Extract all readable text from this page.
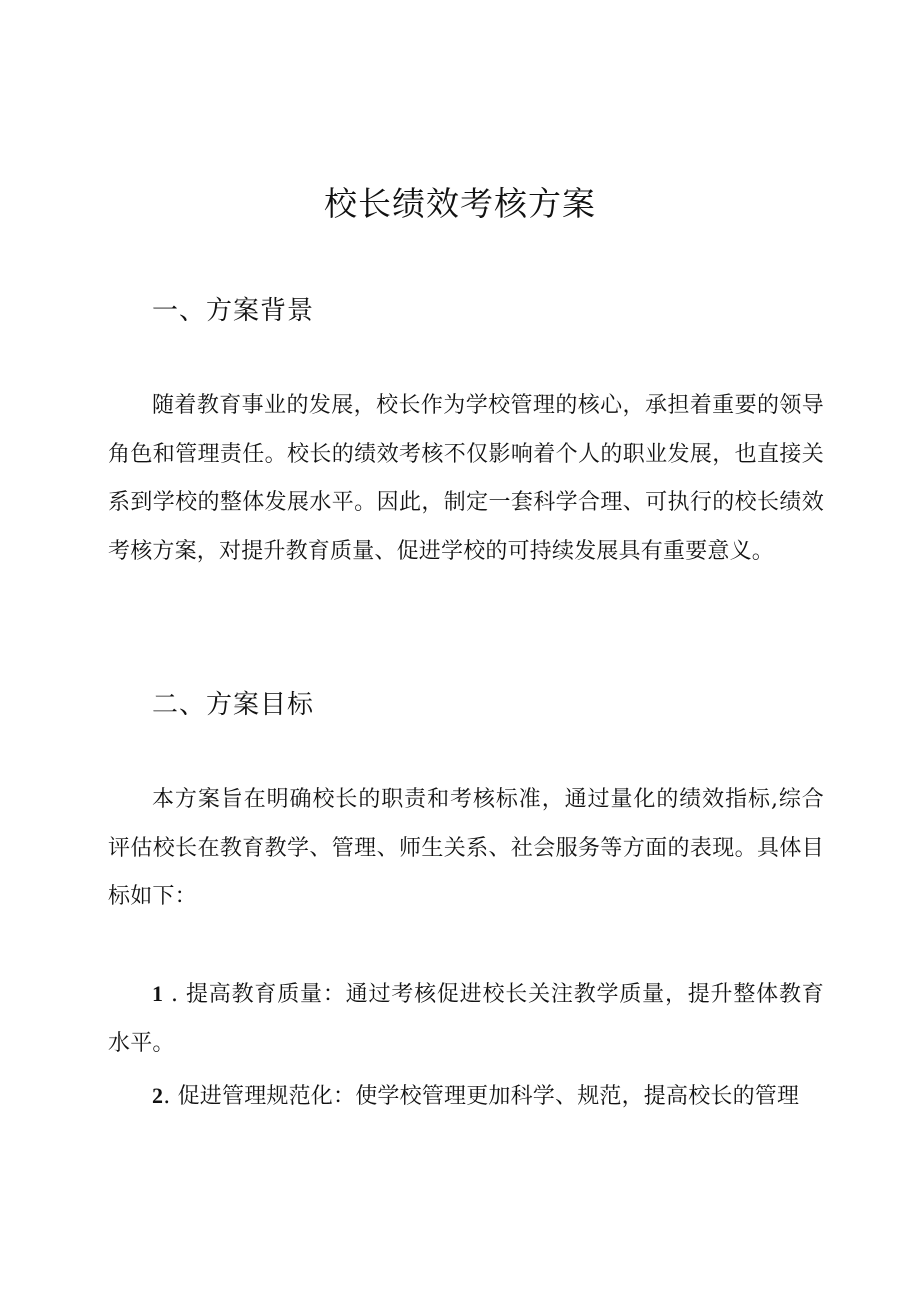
校长绩效考核方案
一、方案背景

随着教育事业的发展，校长作为学校管理的核心，承担着重要的领导角色和管理责任。校长的绩效考核不仅影响着个人的职业发展，也直接关系到学校的整体发展水平。因此，制定一套科学合理、可执行的校长绩效考核方案，对提升教育质量、促进学校的可持续发展具有重要意义。

二、方案目标

本方案旨在明确校长的职责和考核标准，通过量化的绩效指标,综合评估校长在教育教学、管理、师生关系、社会服务等方面的表现。具体目标如下：

1 . 提高教育质量：通过考核促进校长关注教学质量，提升整体教育水平。

2. 促进管理规范化：使学校管理更加科学、规范，提高校长的管理
